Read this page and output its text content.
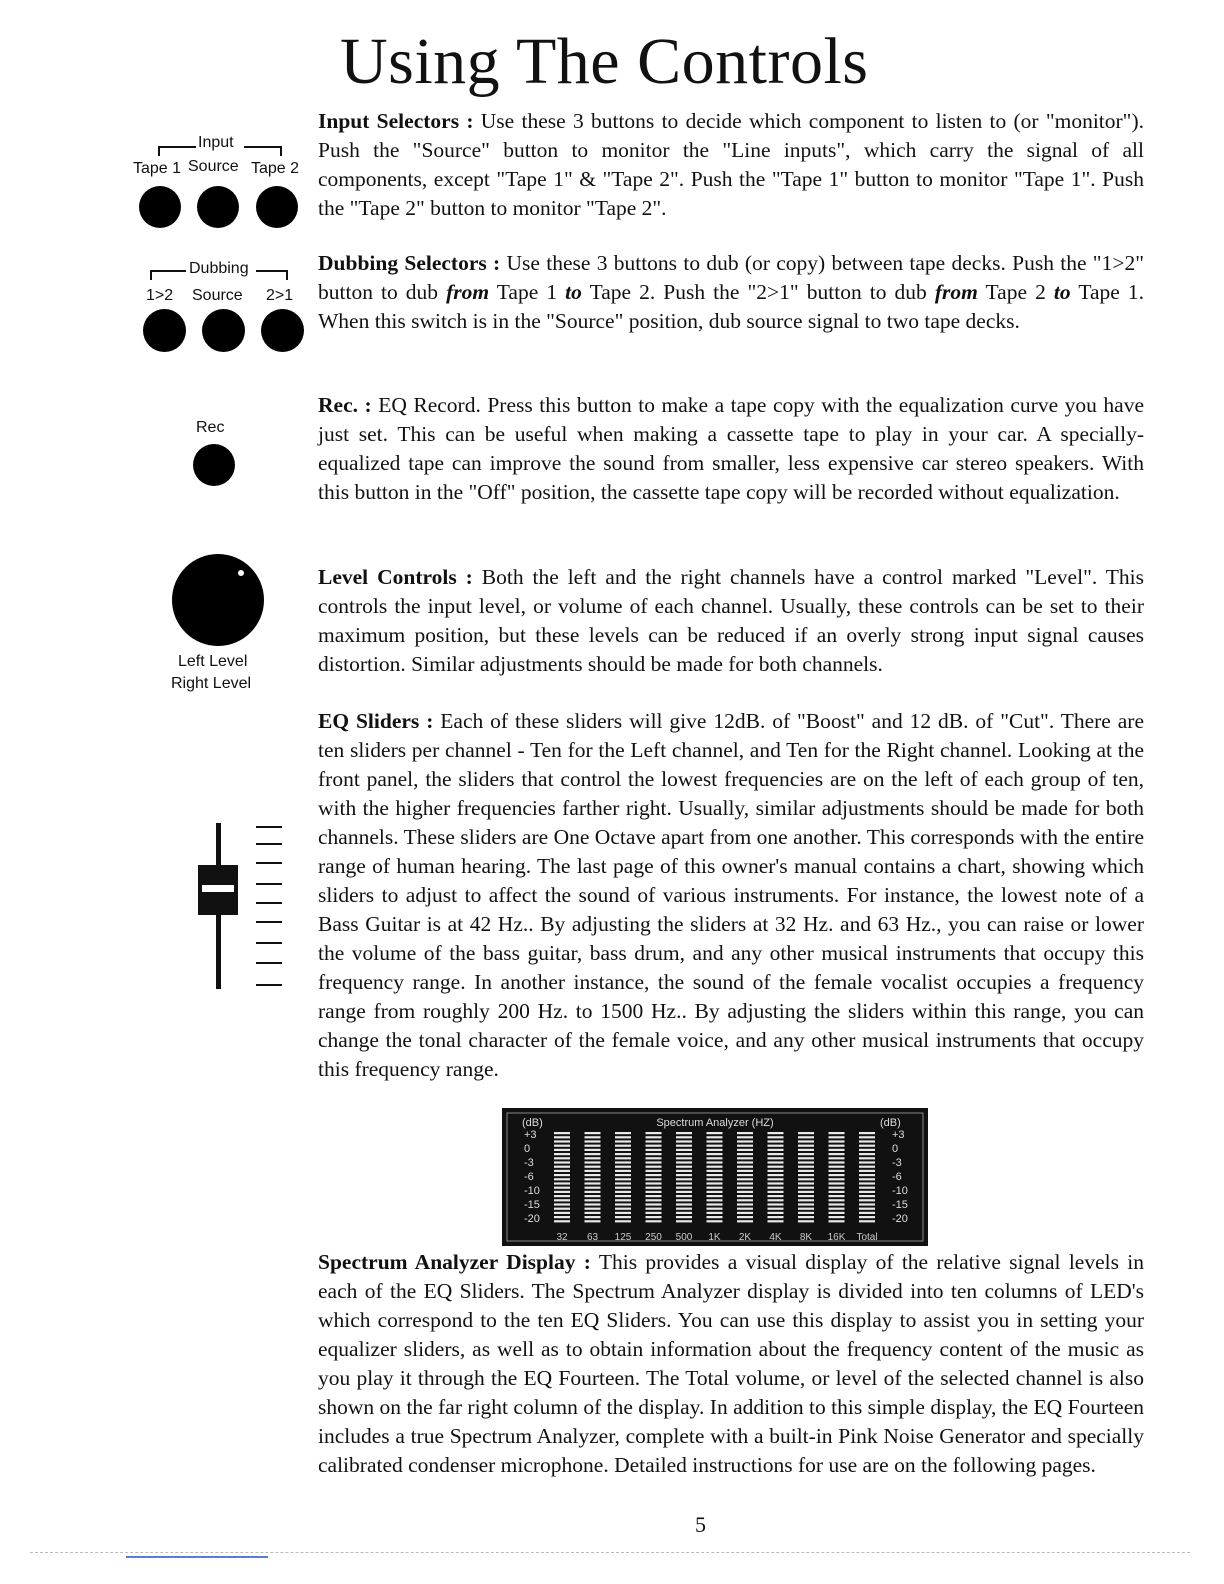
Using The Controls
Input
Tape 1 Source Tape 2
Dubbing
1>2 Source 2>1
Rec
Left Level
Right Level

Input Selectors : Use these 3 buttons to decide which component to listen to (or "monitor"). Push the "Source" button to monitor the "Line inputs", which carry the signal of all components, except "Tape 1" & "Tape 2". Push the "Tape 1" button to monitor "Tape 1". Push the "Tape 2" button to monitor "Tape 2".

Dubbing Selectors : Use these 3 buttons to dub (or copy) between tape decks. Push the "1>2" button to dub from Tape 1 to Tape 2. Push the "2>1" button to dub from Tape 2 to Tape 1. When this switch is in the "Source" position, dub source signal to two tape decks.

Rec. : EQ Record. Press this button to make a tape copy with the equalization curve you have just set. This can be useful when making a cassette tape to play in your car. A specially-equalized tape can improve the sound from smaller, less expensive car stereo speakers. With this button in the "Off" position, the cassette tape copy will be recorded without equalization.

Level Controls : Both the left and the right channels have a control marked "Level". This controls the input level, or volume of each channel. Usually, these controls can be set to their maximum position, but these levels can be reduced if an overly strong input signal causes distortion. Similar adjustments should be made for both channels.

EQ Sliders : Each of these sliders will give 12dB. of "Boost" and 12 dB. of "Cut". There are ten sliders per channel - Ten for the Left channel, and Ten for the Right channel. Looking at the front panel, the sliders that control the lowest frequencies are on the left of each group of ten, with the higher frequencies farther right. Usually, similar adjustments should be made for both channels. These sliders are One Octave apart from one another. This corresponds with the entire range of human hearing. The last page of this owner's manual contains a chart, showing which sliders to adjust to affect the sound of various instruments. For instance, the lowest note of a Bass Guitar is at 42 Hz.. By adjusting the sliders at 32 Hz. and 63 Hz., you can raise or lower the volume of the bass guitar, bass drum, and any other musical instruments that occupy this frequency range. In another instance, the sound of the female vocalist occupies a frequency range from roughly 200 Hz. to 1500 Hz.. By adjusting the sliders within this range, you can change the tonal character of the female voice, and any other musical instruments that occupy this frequency range.

(dB)	Spectrum Analyzer (HZ)	(dB)
+3
0
-3
-6
-10
-15
-20
+3
0
-3
-6
-10
-15
-20
32 63 125 250 500 1K 2K 4K 8K 16K Total

Spectrum Analyzer Display : This provides a visual display of the relative signal levels in each of the EQ Sliders. The Spectrum Analyzer display is divided into ten columns of LED's which correspond to the ten EQ Sliders. You can use this display to assist you in setting your equalizer sliders, as well as to obtain information about the frequency content of the music as you play it through the EQ Fourteen. The Total volume, or level of the selected channel is also shown on the far right column of the display. In addition to this simple display, the EQ Fourteen includes a true Spectrum Analyzer, complete with a built-in Pink Noise Generator and specially calibrated condenser microphone. Detailed instructions for use are on the following pages.

5
